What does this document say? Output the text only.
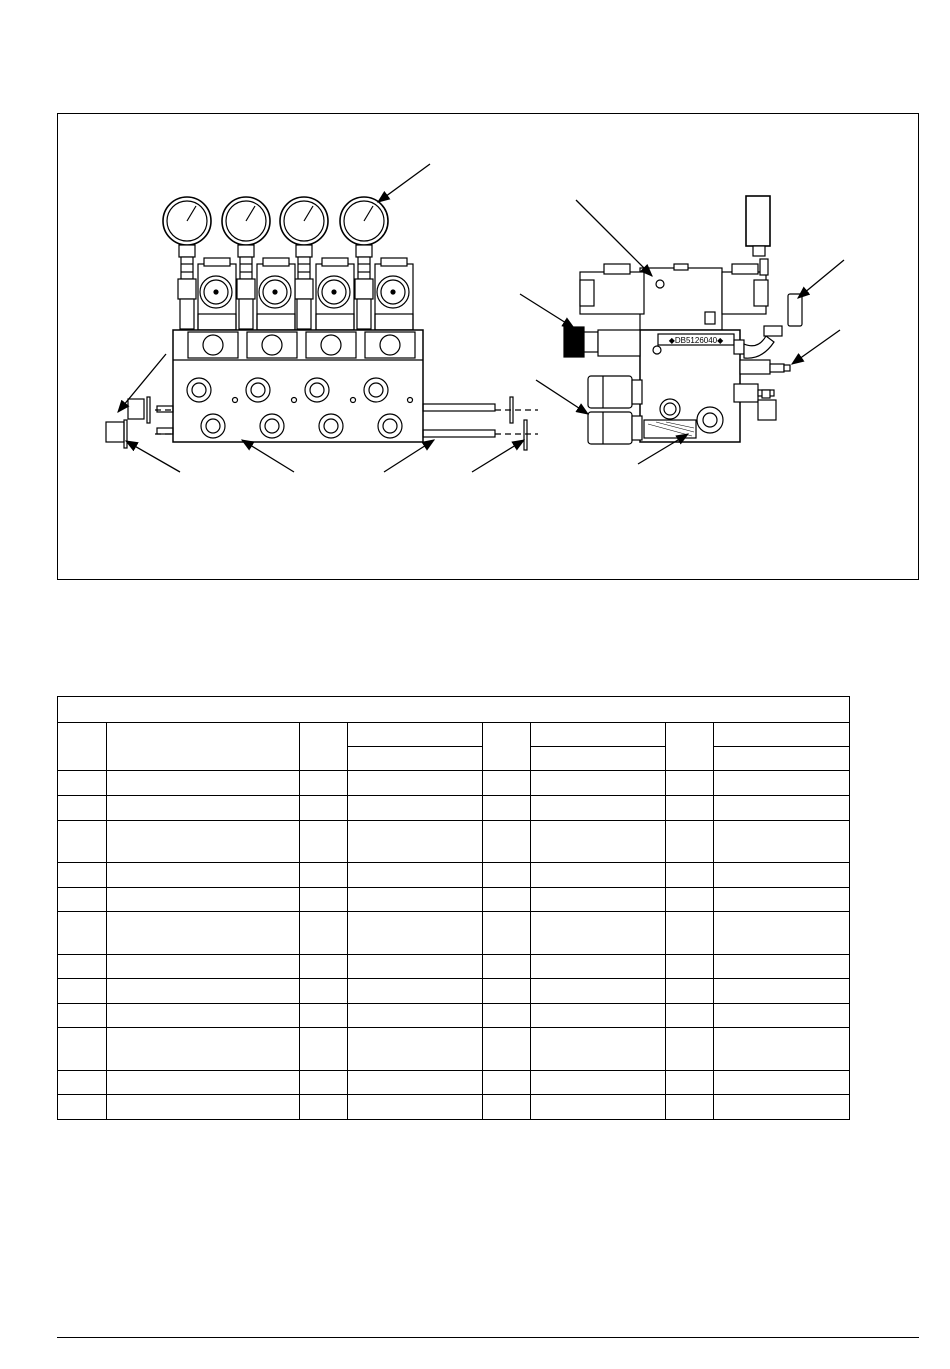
◆DB5126040◆
